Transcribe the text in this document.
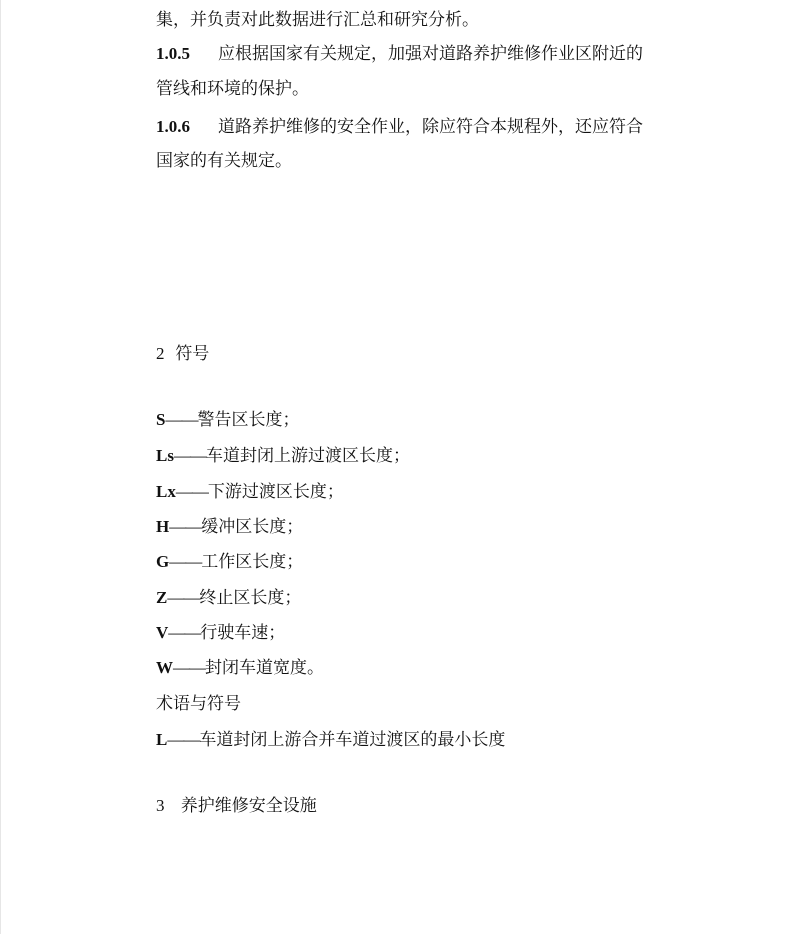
集，并负责对此数据进行汇总和研究分析。
1.0.5 应根据国家有关规定，加强对道路养护维修作业区附近的
管线和环境的保护。
1.0.6 道路养护维修的安全作业，除应符合本规程外，还应符合
国家的有关规定。
2 符号
S——警告区长度；
Ls——车道封闭上游过渡区长度；
Lx——下游过渡区长度；
H——缓冲区长度；
G——工作区长度；
Z——终止区长度；
V——行驶车速；
W——封闭车道宽度。
术语与符号
L——车道封闭上游合并车道过渡区的最小长度
3 养护维修安全设施
